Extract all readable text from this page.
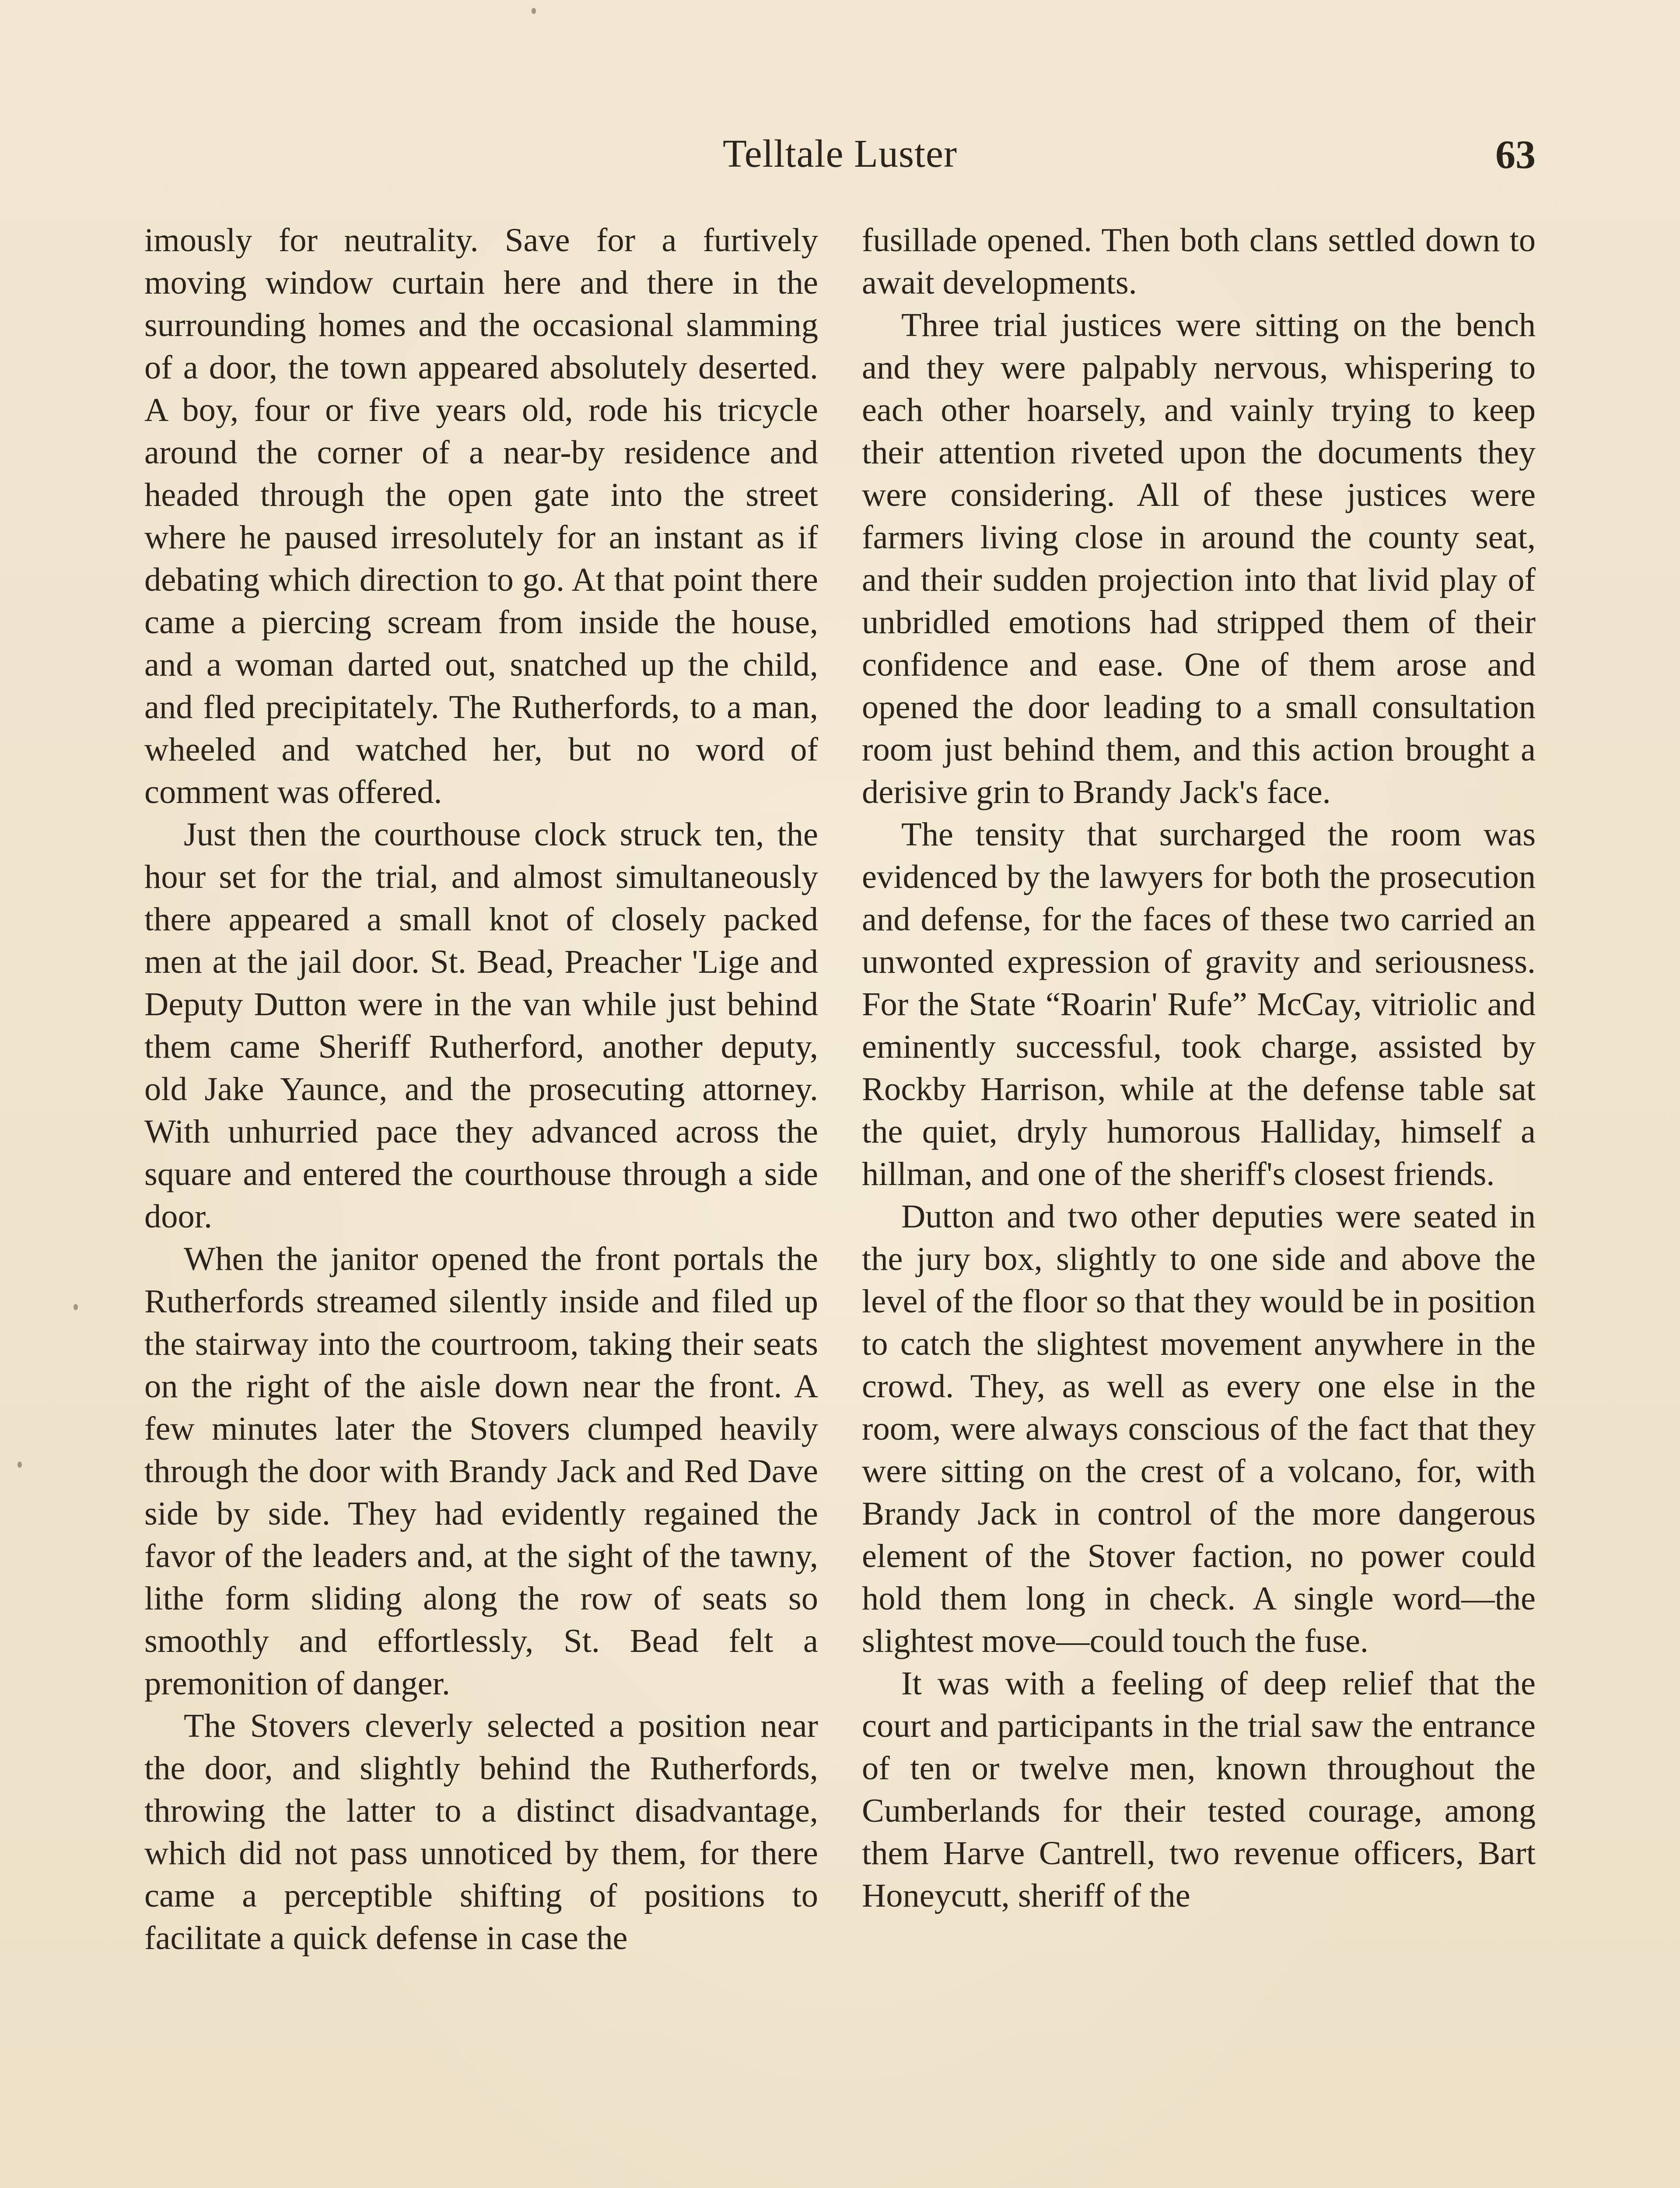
Telltale Luster	63

imously for neutrality. Save for a furtively moving window curtain here and there in the surrounding homes and the occasional slamming of a door, the town appeared absolutely deserted. A boy, four or five years old, rode his tricycle around the corner of a near-by residence and headed through the open gate into the street where he paused irresolutely for an instant as if debating which direction to go. At that point there came a piercing scream from inside the house, and a woman darted out, snatched up the child, and fled precipitately. The Rutherfords, to a man, wheeled and watched her, but no word of comment was offered.

Just then the courthouse clock struck ten, the hour set for the trial, and almost simultaneously there appeared a small knot of closely packed men at the jail door. St. Bead, Preacher 'Lige and Deputy Dutton were in the van while just behind them came Sheriff Rutherford, another deputy, old Jake Yaunce, and the prosecuting attorney. With unhurried pace they advanced across the square and entered the courthouse through a side door.

When the janitor opened the front portals the Rutherfords streamed silently inside and filed up the stairway into the courtroom, taking their seats on the right of the aisle down near the front. A few minutes later the Stovers clumped heavily through the door with Brandy Jack and Red Dave side by side. They had evidently regained the favor of the leaders and, at the sight of the tawny, lithe form sliding along the row of seats so smoothly and effortlessly, St. Bead felt a premonition of danger.

The Stovers cleverly selected a position near the door, and slightly behind the Rutherfords, throwing the latter to a distinct disadvantage, which did not pass unnoticed by them, for there came a perceptible shifting of positions to facilitate a quick defense in case the

fusillade opened. Then both clans settled down to await developments.

Three trial justices were sitting on the bench and they were palpably nervous, whispering to each other hoarsely, and vainly trying to keep their attention riveted upon the documents they were considering. All of these justices were farmers living close in around the county seat, and their sudden projection into that livid play of unbridled emotions had stripped them of their confidence and ease. One of them arose and opened the door leading to a small consultation room just behind them, and this action brought a derisive grin to Brandy Jack's face.

The tensity that surcharged the room was evidenced by the lawyers for both the prosecution and defense, for the faces of these two carried an unwonted expression of gravity and seriousness. For the State “Roarin' Rufe” McCay, vitriolic and eminently successful, took charge, assisted by Rockby Harrison, while at the defense table sat the quiet, dryly humorous Halliday, himself a hillman, and one of the sheriff's closest friends.

Dutton and two other deputies were seated in the jury box, slightly to one side and above the level of the floor so that they would be in position to catch the slightest movement anywhere in the crowd. They, as well as every one else in the room, were always conscious of the fact that they were sitting on the crest of a volcano, for, with Brandy Jack in control of the more dangerous element of the Stover faction, no power could hold them long in check. A single word—the slightest move—could touch the fuse.

It was with a feeling of deep relief that the court and participants in the trial saw the entrance of ten or twelve men, known throughout the Cumberlands for their tested courage, among them Harve Cantrell, two revenue officers, Bart Honeycutt, sheriff of the
